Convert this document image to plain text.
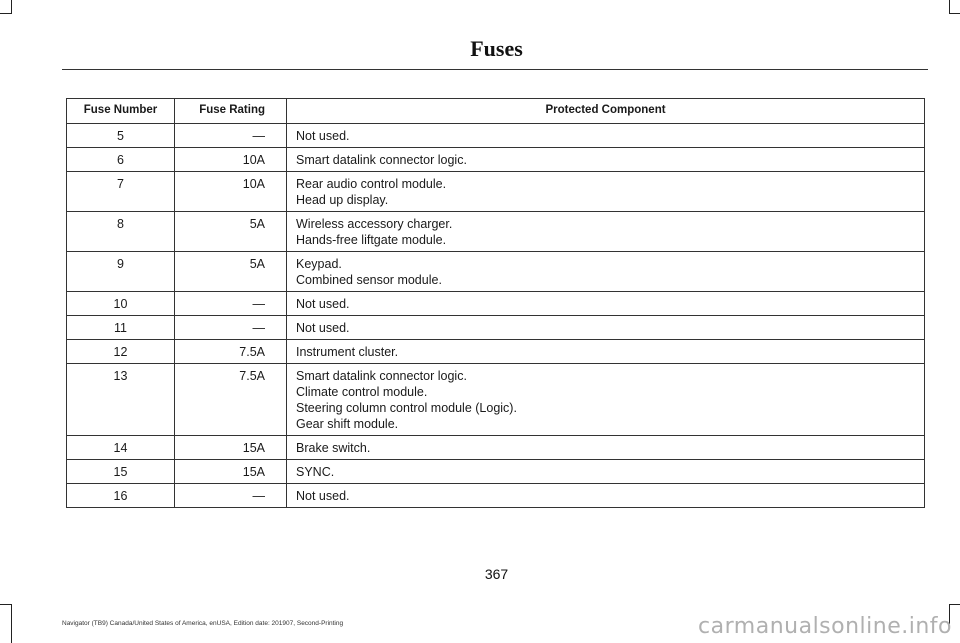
Fuses
Fuse Number	Fuse Rating	Protected Component
5	—	Not used.

6	10A	Smart datalink connector logic.

7	10A	Rear audio control module.
Head up display.

8	5A	Wireless accessory charger.
Hands-free liftgate module.

9	5A	Keypad.
Combined sensor module.

10	—	Not used.

11	—	Not used.

12	7.5A	Instrument cluster.

13	7.5A	Smart datalink connector logic.
Climate control module.
Steering column control module (Logic).
Gear shift module.

14	15A	Brake switch.

15	15A	SYNC.

16	—	Not used.
367
Navigator (TB9) Canada/United States of America, enUSA, Edition date: 201907, Second-Printing	carmanualsonline.info
